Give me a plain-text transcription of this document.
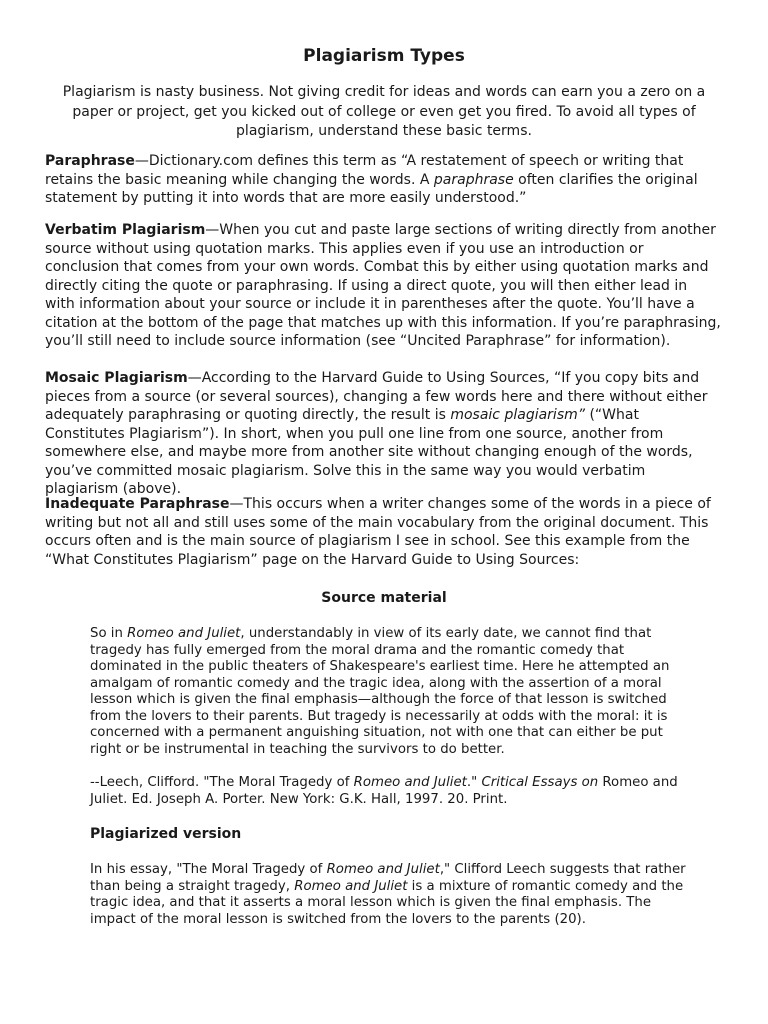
Plagiarism Types
Plagiarism is nasty business. Not giving credit for ideas and words can earn you a zero on a paper or project, get you kicked out of college or even get you fired. To avoid all types of plagiarism, understand these basic terms.

Paraphrase—Dictionary.com defines this term as “A restatement of speech or writing that retains the basic meaning while changing the words. A paraphrase often clarifies the original statement by putting it into words that are more easily understood.”

Verbatim Plagiarism—When you cut and paste large sections of writing directly from another source without using quotation marks. This applies even if you use an introduction or conclusion that comes from your own words. Combat this by either using quotation marks and directly citing the quote or paraphrasing. If using a direct quote, you will then either lead in with information about your source or include it in parentheses after the quote. You’ll have a citation at the bottom of the page that matches up with this information. If you’re paraphrasing, you’ll still need to include source information (see “Uncited Paraphrase” for information).

Mosaic Plagiarism—According to the Harvard Guide to Using Sources, “If you copy bits and pieces from a source (or several sources), changing a few words here and there without either adequately paraphrasing or quoting directly, the result is mosaic plagiarism” (“What Constitutes Plagiarism”). In short, when you pull one line from one source, another from somewhere else, and maybe more from another site without changing enough of the words, you’ve committed mosaic plagiarism. Solve this in the same way you would verbatim plagiarism (above).

Inadequate Paraphrase—This occurs when a writer changes some of the words in a piece of writing but not all and still uses some of the main vocabulary from the original document. This occurs often and is the main source of plagiarism I see in school. See this example from the “What Constitutes Plagiarism” page on the Harvard Guide to Using Sources:

Source material

So in Romeo and Juliet, understandably in view of its early date, we cannot find that tragedy has fully emerged from the moral drama and the romantic comedy that dominated in the public theaters of Shakespeare's earliest time. Here he attempted an amalgam of romantic comedy and the tragic idea, along with the assertion of a moral lesson which is given the final emphasis—although the force of that lesson is switched from the lovers to their parents. But tragedy is necessarily at odds with the moral: it is concerned with a permanent anguishing situation, not with one that can either be put right or be instrumental in teaching the survivors to do better.

--Leech, Clifford. "The Moral Tragedy of Romeo and Juliet." Critical Essays on Romeo and Juliet. Ed. Joseph A. Porter. New York: G.K. Hall, 1997. 20. Print.

Plagiarized version

In his essay, "The Moral Tragedy of Romeo and Juliet," Clifford Leech suggests that rather than being a straight tragedy, Romeo and Juliet is a mixture of romantic comedy and the tragic idea, and that it asserts a moral lesson which is given the final emphasis. The impact of the moral lesson is switched from the lovers to the parents (20).
